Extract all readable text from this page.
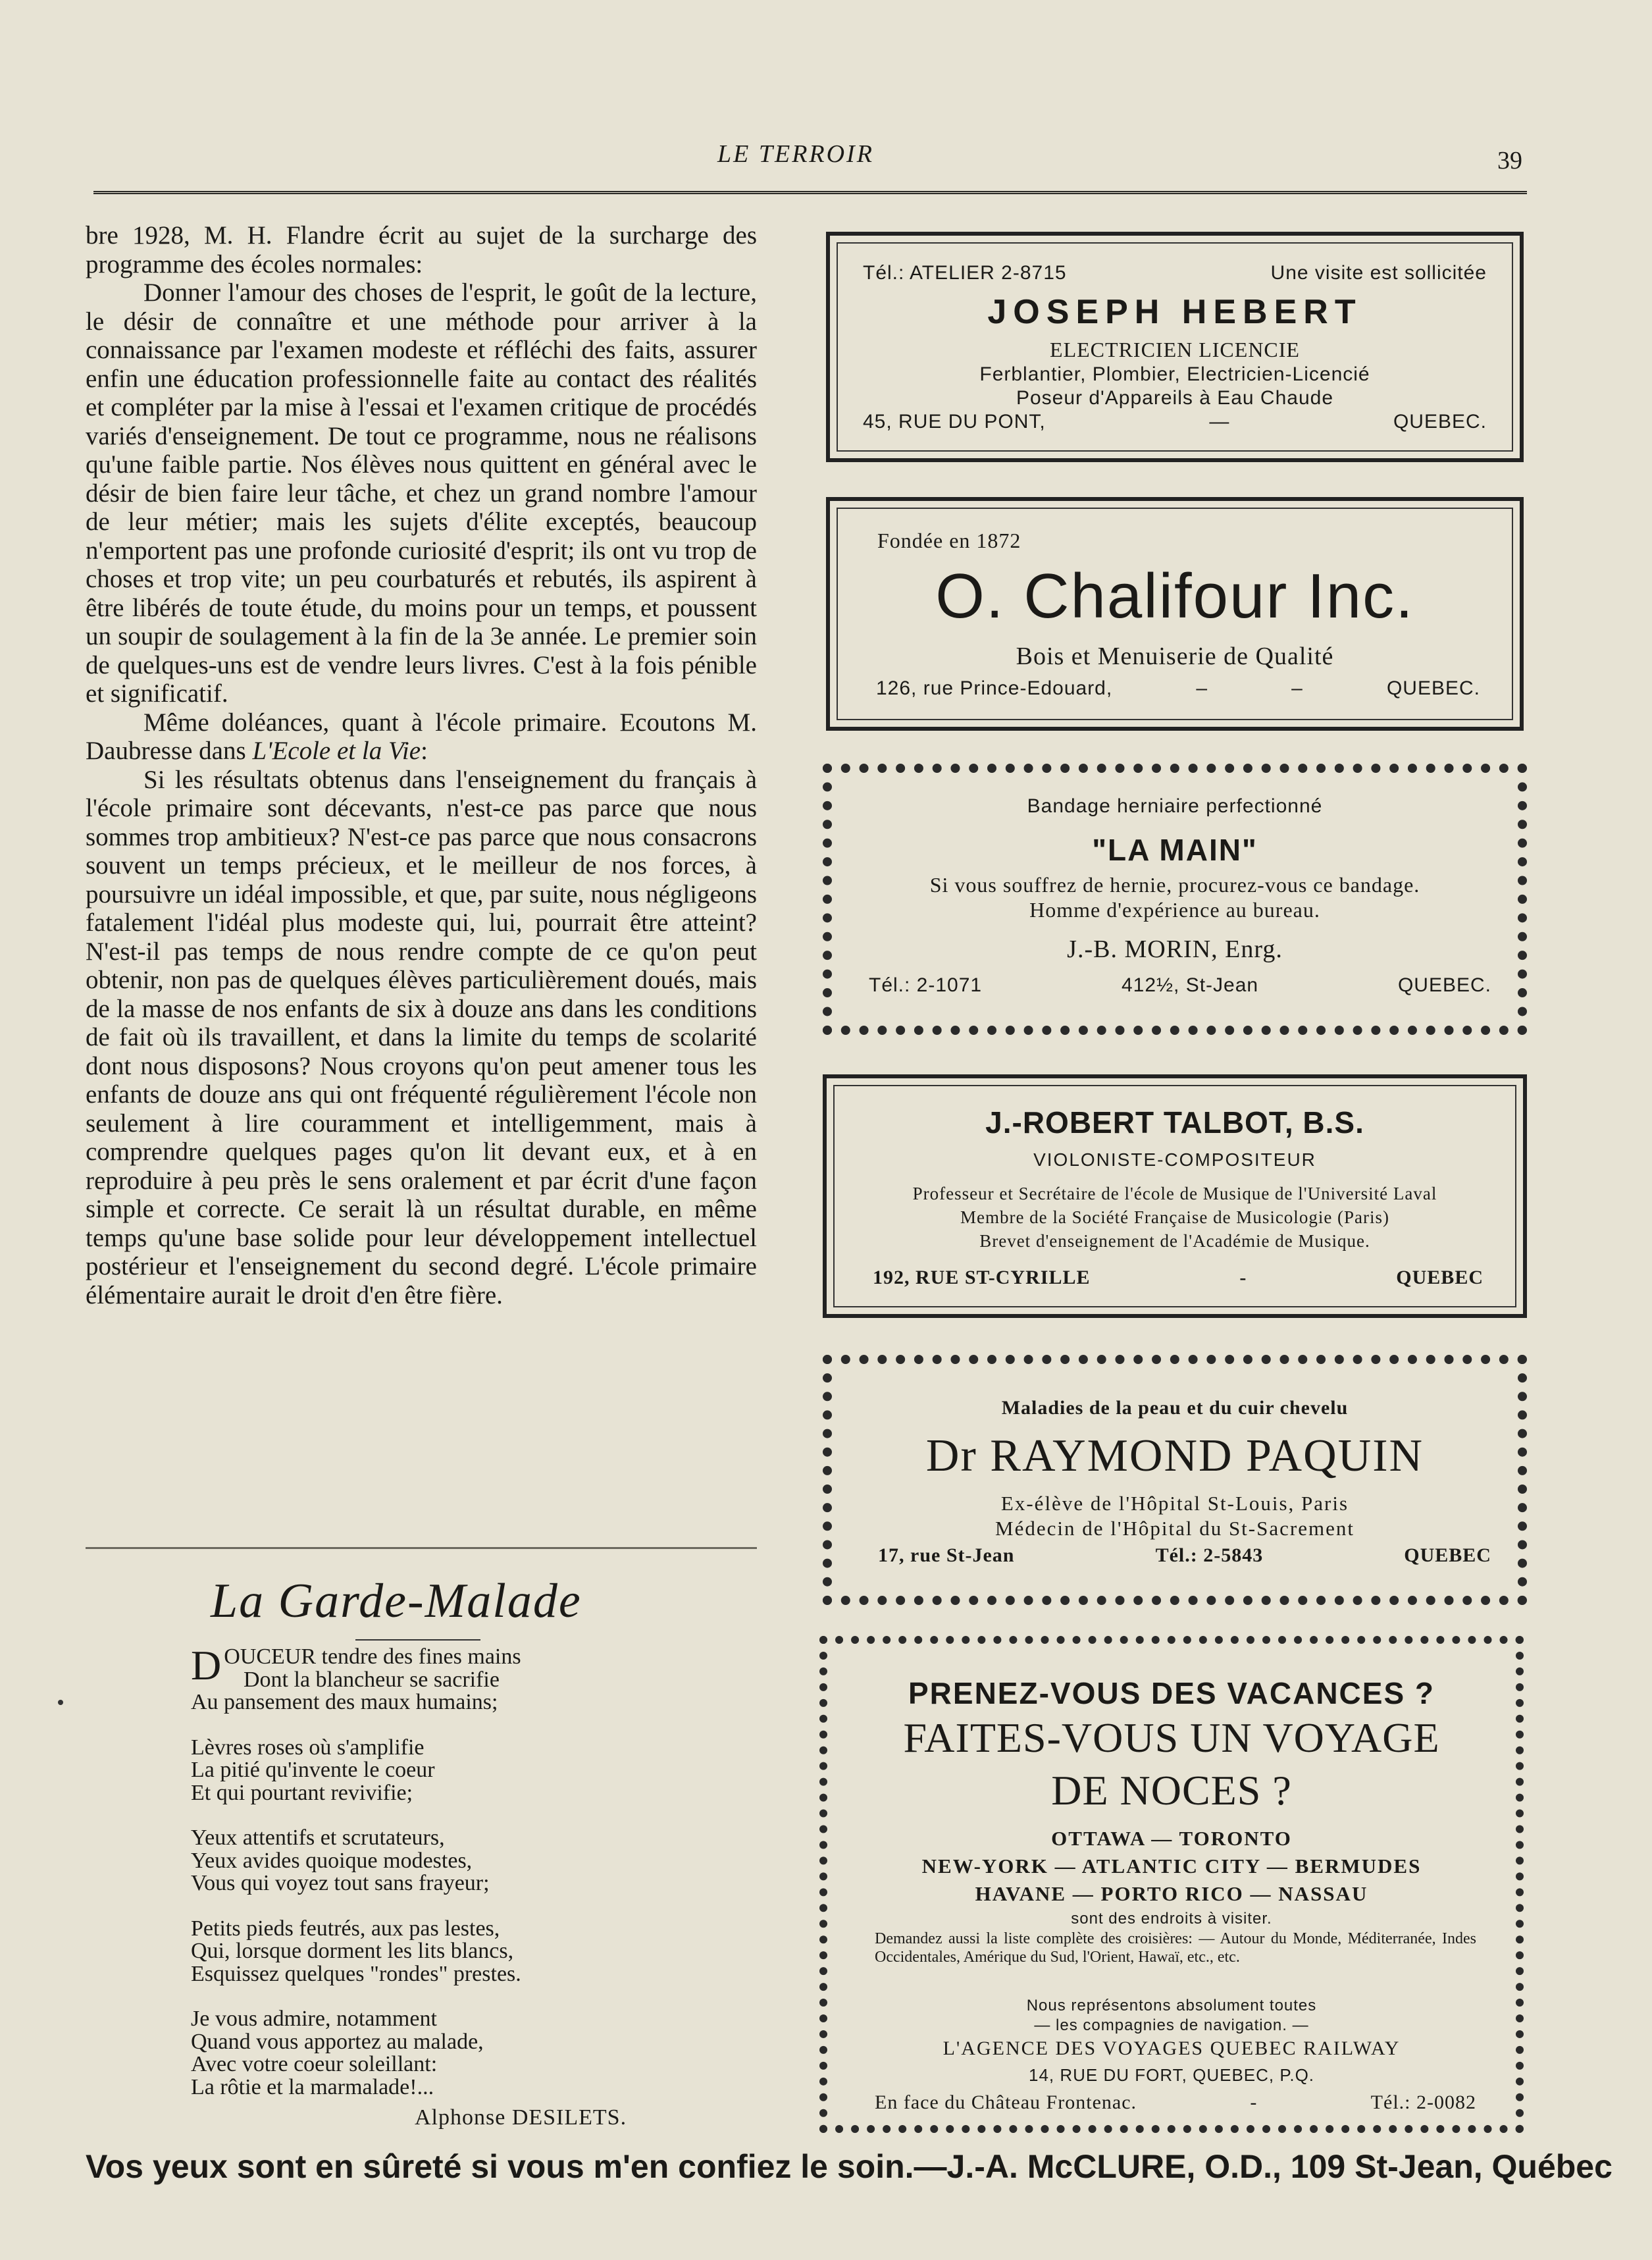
LE TERROIR	39

bre 1928, M. H. Flandre écrit au sujet de la surcharge des programme des écoles normales:

Donner l'amour des choses de l'esprit, le goût de la lecture, le désir de connaître et une méthode pour arriver à la connaissance par l'examen modeste et réfléchi des faits, assurer enfin une éducation professionnelle faite au contact des réalités et compléter par la mise à l'essai et l'examen critique de procédés variés d'enseignement. De tout ce programme, nous ne réalisons qu'une faible partie. Nos élèves nous quittent en général avec le désir de bien faire leur tâche, et chez un grand nombre l'amour de leur métier; mais les sujets d'élite exceptés, beaucoup n'emportent pas une profonde curiosité d'esprit; ils ont vu trop de choses et trop vite; un peu courbaturés et rebutés, ils aspirent à être libérés de toute étude, du moins pour un temps, et poussent un soupir de soulagement à la fin de la 3e année. Le premier soin de quelques-uns est de vendre leurs livres. C'est à la fois pénible et significatif.

Même doléances, quant à l'école primaire. Ecoutons M. Daubresse dans L'Ecole et la Vie:

Si les résultats obtenus dans l'enseignement du français à l'école primaire sont décevants, n'est-ce pas parce que nous sommes trop ambitieux? N'est-ce pas parce que nous consacrons souvent un temps précieux, et le meilleur de nos forces, à poursuivre un idéal impossible, et que, par suite, nous négligeons fatalement l'idéal plus modeste qui, lui, pourrait être atteint? N'est-il pas temps de nous rendre compte de ce qu'on peut obtenir, non pas de quelques élèves particulièrement doués, mais de la masse de nos enfants de six à douze ans dans les conditions de fait où ils travaillent, et dans la limite du temps de scolarité dont nous disposons? Nous croyons qu'on peut amener tous les enfants de douze ans qui ont fréquenté régulièrement l'école non seulement à lire couramment et intelligemment, mais à comprendre quelques pages qu'on lit devant eux, et à en reproduire à peu près le sens oralement et par écrit d'une façon simple et correcte. Ce serait là un résultat durable, en même temps qu'une base solide pour leur développement intellectuel postérieur et l'enseignement du second degré. L'école primaire élémentaire aurait le droit d'en être fière.

La Garde-Malade
DOUCEUR tendre des fines mains
Dont la blancheur se sacrifie
Au pansement des maux humains;
Lèvres roses où s'amplifie
La pitié qu'invente le coeur
Et qui pourtant revivifie;
Yeux attentifs et scrutateurs,
Yeux avides quoique modestes,
Vous qui voyez tout sans frayeur;
Petits pieds feutrés, aux pas lestes,
Qui, lorsque dorment les lits blancs,
Esquissez quelques "rondes" prestes.
Je vous admire, notamment
Quand vous apportez au malade,
Avec votre coeur soleillant:
La rôtie et la marmalade!...
Alphonse DESILETS.
Tél.: ATELIER 2-8715	Une visite est sollicitée
JOSEPH HEBERT
ELECTRICIEN LICENCIE
Ferblantier, Plombier, Electricien-Licencié
Poseur d'Appareils à Eau Chaude
45, RUE DU PONT,	—	QUEBEC.
Fondée en 1872
O. Chalifour Inc.
Bois et Menuiserie de Qualité
126, rue Prince-Edouard,	–	–	QUEBEC.
Bandage herniaire perfectionné
"LA MAIN"
Si vous souffrez de hernie, procurez-vous ce bandage.
Homme d'expérience au bureau.
J.-B. MORIN, Enrg.
Tél.: 2-1071	412½, St-Jean	QUEBEC.
J.-ROBERT TALBOT, B.S.
VIOLONISTE-COMPOSITEUR
Professeur et Secrétaire de l'école de Musique de l'Université Laval
Membre de la Société Française de Musicologie (Paris)
Brevet d'enseignement de l'Académie de Musique.
192, RUE ST-CYRILLE	-	QUEBEC
Maladies de la peau et du cuir chevelu
Dr RAYMOND PAQUIN
Ex-élève de l'Hôpital St-Louis, Paris
Médecin de l'Hôpital du St-Sacrement
17, rue St-Jean	Tél.: 2-5843	QUEBEC
PRENEZ-VOUS DES VACANCES ?
FAITES-VOUS UN VOYAGE
DE NOCES ?
OTTAWA — TORONTO
NEW-YORK — ATLANTIC CITY — BERMUDES
HAVANE — PORTO RICO — NASSAU
sont des endroits à visiter.
Demandez aussi la liste complète des croisières: — Autour du Monde, Méditerranée, Indes Occidentales, Amérique du Sud, l'Orient, Hawaï, etc., etc.
Nous représentons absolument toutes
— les compagnies de navigation. —
L'AGENCE DES VOYAGES QUEBEC RAILWAY
14, RUE DU FORT, QUEBEC, P.Q.
En face du Château Frontenac.	-	Tél.: 2-0082
Vos yeux sont en sûreté si vous m'en confiez le soin.—J.-A. McCLURE, O.D., 109 St-Jean, Québec
